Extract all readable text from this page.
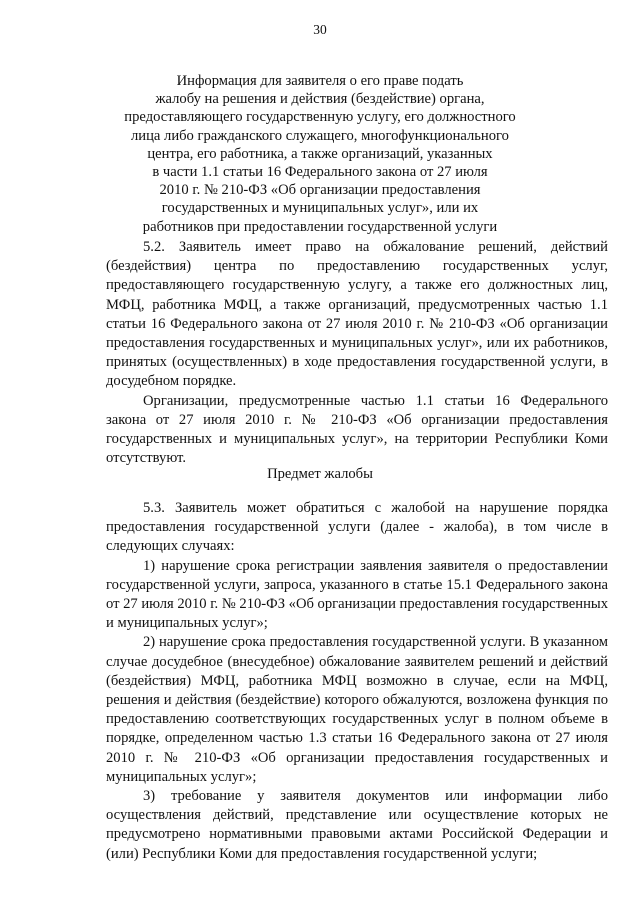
30
Информация для заявителя о его праве подать
жалобу на решения и действия (бездействие) органа,
предоставляющего государственную услугу, его должностного
лица либо гражданского служащего, многофункционального
центра, его работника, а также организаций, указанных
в части 1.1 статьи 16 Федерального закона от 27 июля
2010 г. № 210-ФЗ «Об организации предоставления
государственных и муниципальных услуг», или их
работников при предоставлении государственной услуги

5.2. Заявитель имеет право на обжалование решений, действий (бездействия) центра по предоставлению государственных услуг, предоставляющего государственную услугу, а также его должностных лиц, МФЦ, работника МФЦ, а также организаций, предусмотренных частью 1.1 статьи 16 Федерального закона от 27 июля 2010 г. № 210-ФЗ «Об организации предоставления государственных и муниципальных услуг», или их работников, принятых (осуществленных) в ходе предоставления государственной услуги, в досудебном порядке.

Организации, предусмотренные частью 1.1 статьи 16 Федерального закона от 27 июля 2010 г. № 210-ФЗ «Об организации предоставления государственных и муниципальных услуг», на территории Республики Коми отсутствуют.

Предмет жалобы

5.3. Заявитель может обратиться с жалобой на нарушение порядка предоставления государственной услуги (далее - жалоба), в том числе в следующих случаях:

1) нарушение срока регистрации заявления заявителя о предоставлении государственной услуги, запроса, указанного в статье 15.1 Федерального закона от 27 июля 2010 г. № 210-ФЗ «Об организации предоставления государственных и муниципальных услуг»;

2) нарушение срока предоставления государственной услуги. В указанном случае досудебное (внесудебное) обжалование заявителем решений и действий (бездействия) МФЦ, работника МФЦ возможно в случае, если на МФЦ, решения и действия (бездействие) которого обжалуются, возложена функция по предоставлению соответствующих государственных услуг в полном объеме в порядке, определенном частью 1.3 статьи 16 Федерального закона от 27 июля 2010 г. № 210-ФЗ «Об организации предоставления государственных и муниципальных услуг»;

3) требование у заявителя документов или информации либо осуществления действий, представление или осуществление которых не предусмотрено нормативными правовыми актами Российской Федерации и (или) Республики Коми для предоставления государственной услуги;
